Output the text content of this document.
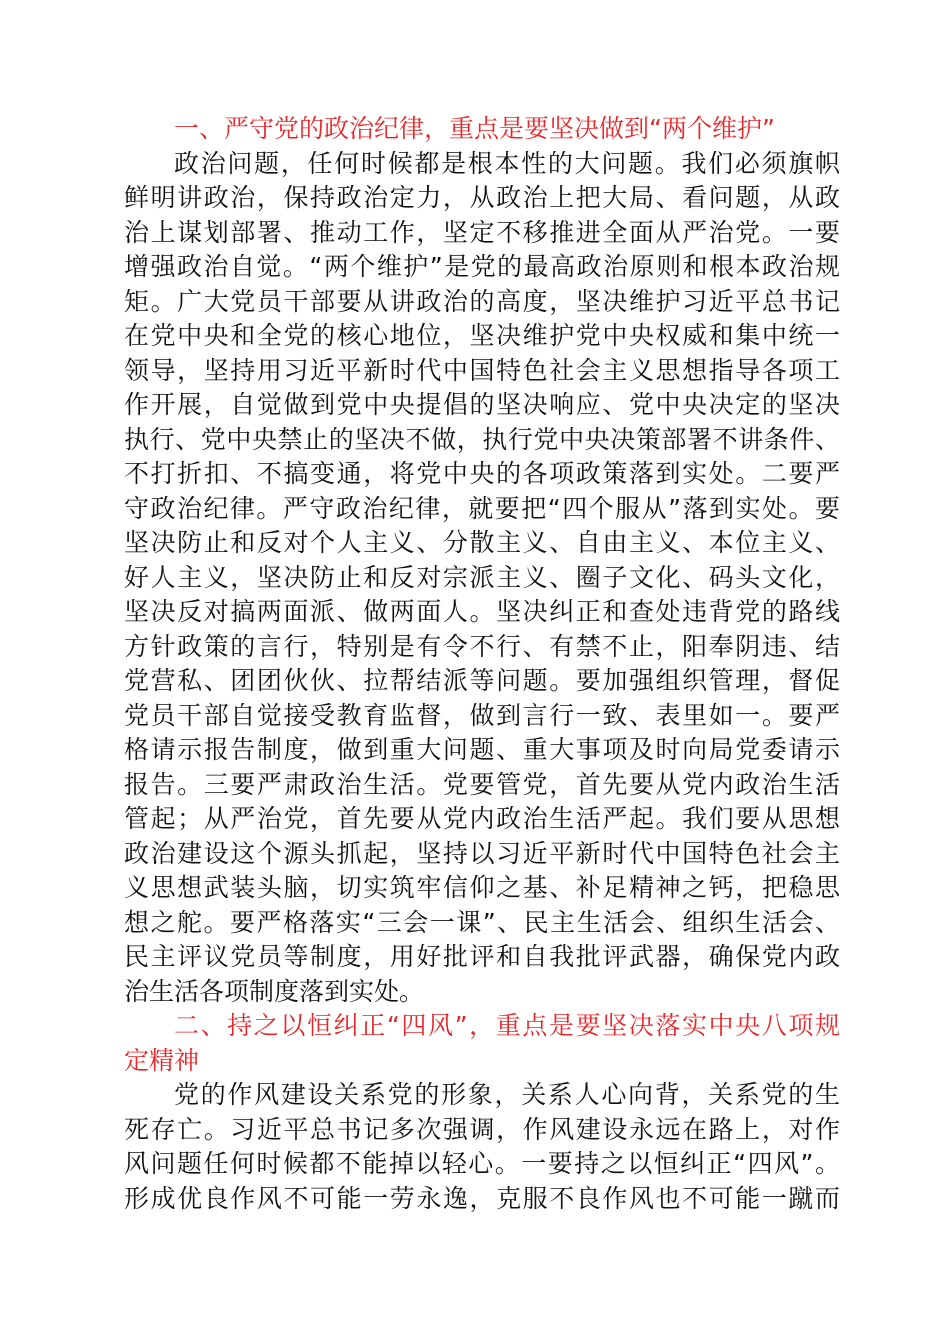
一、严守党的政治纪律，重点是要坚决做到“两个维护”
政治问题，任何时候都是根本性的大问题。我们必须旗帜
鲜明讲政治，保持政治定力，从政治上把大局、看问题，从政
治上谋划部署、推动工作，坚定不移推进全面从严治党。一要
增强政治自觉。“两个维护”是党的最高政治原则和根本政治规
矩。广大党员干部要从讲政治的高度，坚决维护习近平总书记
在党中央和全党的核心地位，坚决维护党中央权威和集中统一
领导，坚持用习近平新时代中国特色社会主义思想指导各项工
作开展，自觉做到党中央提倡的坚决响应、党中央决定的坚决
执行、党中央禁止的坚决不做，执行党中央决策部署不讲条件、
不打折扣、不搞变通，将党中央的各项政策落到实处。二要严
守政治纪律。严守政治纪律，就要把“四个服从”落到实处。要
坚决防止和反对个人主义、分散主义、自由主义、本位主义、
好人主义，坚决防止和反对宗派主义、圈子文化、码头文化，
坚决反对搞两面派、做两面人。坚决纠正和查处违背党的路线
方针政策的言行，特别是有令不行、有禁不止，阳奉阴违、结
党营私、团团伙伙、拉帮结派等问题。要加强组织管理，督促
党员干部自觉接受教育监督，做到言行一致、表里如一。要严
格请示报告制度，做到重大问题、重大事项及时向局党委请示
报告。三要严肃政治生活。党要管党，首先要从党内政治生活
管起；从严治党，首先要从党内政治生活严起。我们要从思想
政治建设这个源头抓起，坚持以习近平新时代中国特色社会主
义思想武装头脑，切实筑牢信仰之基、补足精神之钙，把稳思
想之舵。要严格落实“三会一课”、民主生活会、组织生活会、
民主评议党员等制度，用好批评和自我批评武器，确保党内政
治生活各项制度落到实处。
二、持之以恒纠正“四风”，重点是要坚决落实中央八项规
定精神
党的作风建设关系党的形象，关系人心向背，关系党的生
死存亡。习近平总书记多次强调，作风建设永远在路上，对作
风问题任何时候都不能掉以轻心。一要持之以恒纠正“四风”。
形成优良作风不可能一劳永逸，克服不良作风也不可能一蹴而
